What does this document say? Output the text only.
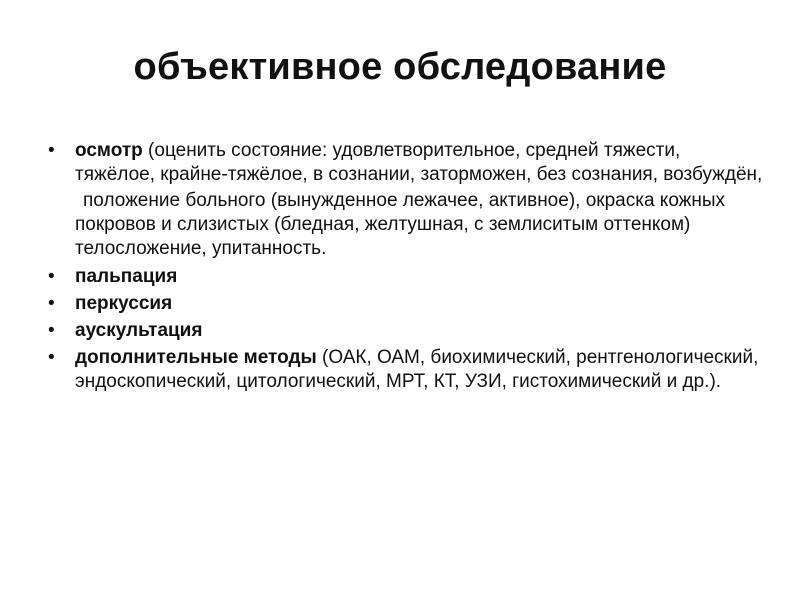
объективное обследование
• осмотр (оценить состояние: удовлетворительное, средней тяжести, тяжёлое, крайне-тяжёлое, в сознании, заторможен, без сознания, возбуждён,
положение больного (вынужденное лежачее, активное), окраска кожных покровов и слизистых (бледная, желтушная, с землиситым оттенком) телосложение, упитанность.
• пальпация
• перкуссия
• аускультация
• дополнительные методы (ОАК, ОАМ, биохимический, рентгенологический, эндоскопический, цитологический, МРТ, КТ, УЗИ, гистохимический и др.).
